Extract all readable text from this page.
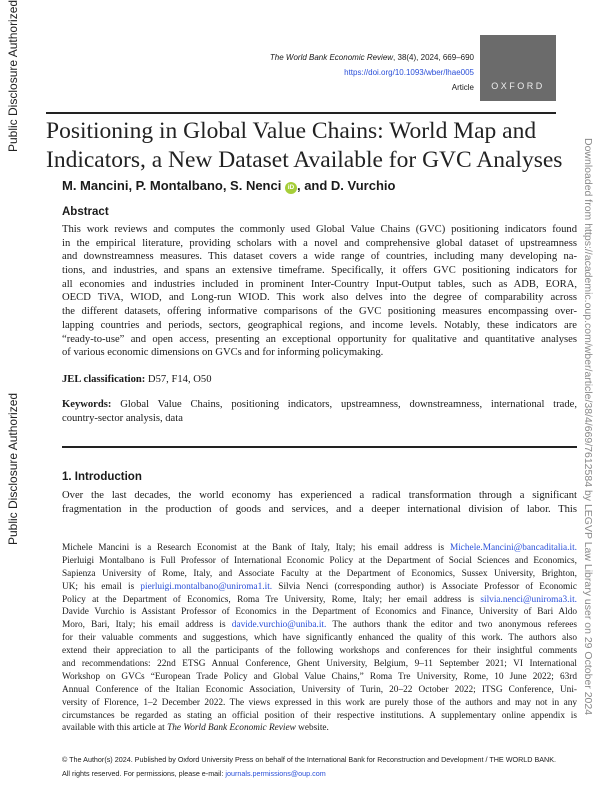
Public Disclosure Authorized
Public Disclosure Authorized	Downloaded from https://academic.oup.com/wber/article/38/4/669/7612584 by LEGVP Law Library user on 29 October 2024
The World Bank Economic Review, 38(4), 2024, 669–690
https://doi.org/10.1093/wber/lhae005
Article	OXFORD
Positioning in Global Value Chains: World Map and Indicators, a New Dataset Available for GVC Analyses
M. Mancini, P. Montalbano, S. Nenci iD , and D. Vurchio
Abstract
This work reviews and computes the commonly used Global Value Chains (GVC) positioning indicators found
in the empirical literature, providing scholars with a novel and comprehensive global dataset of upstreamness
and downstreamness measures. This dataset covers a wide range of countries, including many developing na-
tions, and industries, and spans an extensive timeframe. Specifically, it offers GVC positioning indicators for
all economies and industries included in prominent Inter-Country Input-Output tables, such as ADB, EORA,
OECD TiVA, WIOD, and Long-run WIOD. This work also delves into the degree of comparability across
the different datasets, offering informative comparisons of the GVC positioning measures encompassing over-
lapping countries and periods, sectors, geographical regions, and income levels. Notably, these indicators are
“ready-to-use” and open access, presenting an exceptional opportunity for qualitative and quantitative analyses
of various economic dimensions on GVCs and for informing policymaking.
JEL classification: D57, F14, O50
Keywords: Global Value Chains, positioning indicators, upstreamness, downstreamness, international trade,
country-sector analysis, data
1. Introduction
Over the last decades, the world economy has experienced a radical transformation through a significant
fragmentation in the production of goods and services, and a deeper international division of labor. This
Michele Mancini is a Research Economist at the Bank of Italy, Italy; his email address is Michele.Mancini@bancaditalia.it.
Pierluigi Montalbano is Full Professor of International Economic Policy at the Department of Social Sciences and Economics,
Sapienza University of Rome, Italy, and Associate Faculty at the Department of Economics, Sussex University, Brighton,
UK; his email is pierluigi.montalbano@uniroma1.it. Silvia Nenci (corresponding author) is Associate Professor of Economic
Policy at the Department of Economics, Roma Tre University, Rome, Italy; her email address is silvia.nenci@uniroma3.it.
Davide Vurchio is Assistant Professor of Economics in the Department of Economics and Finance, University of Bari Aldo
Moro, Bari, Italy; his email address is davide.vurchio@uniba.it. The authors thank the editor and two anonymous referees
for their valuable comments and suggestions, which have significantly enhanced the quality of this work. The authors also
extend their appreciation to all the participants of the following workshops and conferences for their insightful comments
and recommendations: 22nd ETSG Annual Conference, Ghent University, Belgium, 9–11 September 2021; VI International
Workshop on GVCs “European Trade Policy and Global Value Chains,” Roma Tre University, Rome, 10 June 2022; 63rd
Annual Conference of the Italian Economic Association, University of Turin, 20–22 October 2022; ITSG Conference, Uni-
versity of Florence, 1–2 December 2022. The views expressed in this work are purely those of the authors and may not in any
circumstances be regarded as stating an official position of their respective institutions. A supplementary online appendix is
available with this article at The World Bank Economic Review website.
© The Author(s) 2024. Published by Oxford University Press on behalf of the International Bank for Reconstruction and Development / THE WORLD BANK.
All rights reserved. For permissions, please e-mail: journals.permissions@oup.com
